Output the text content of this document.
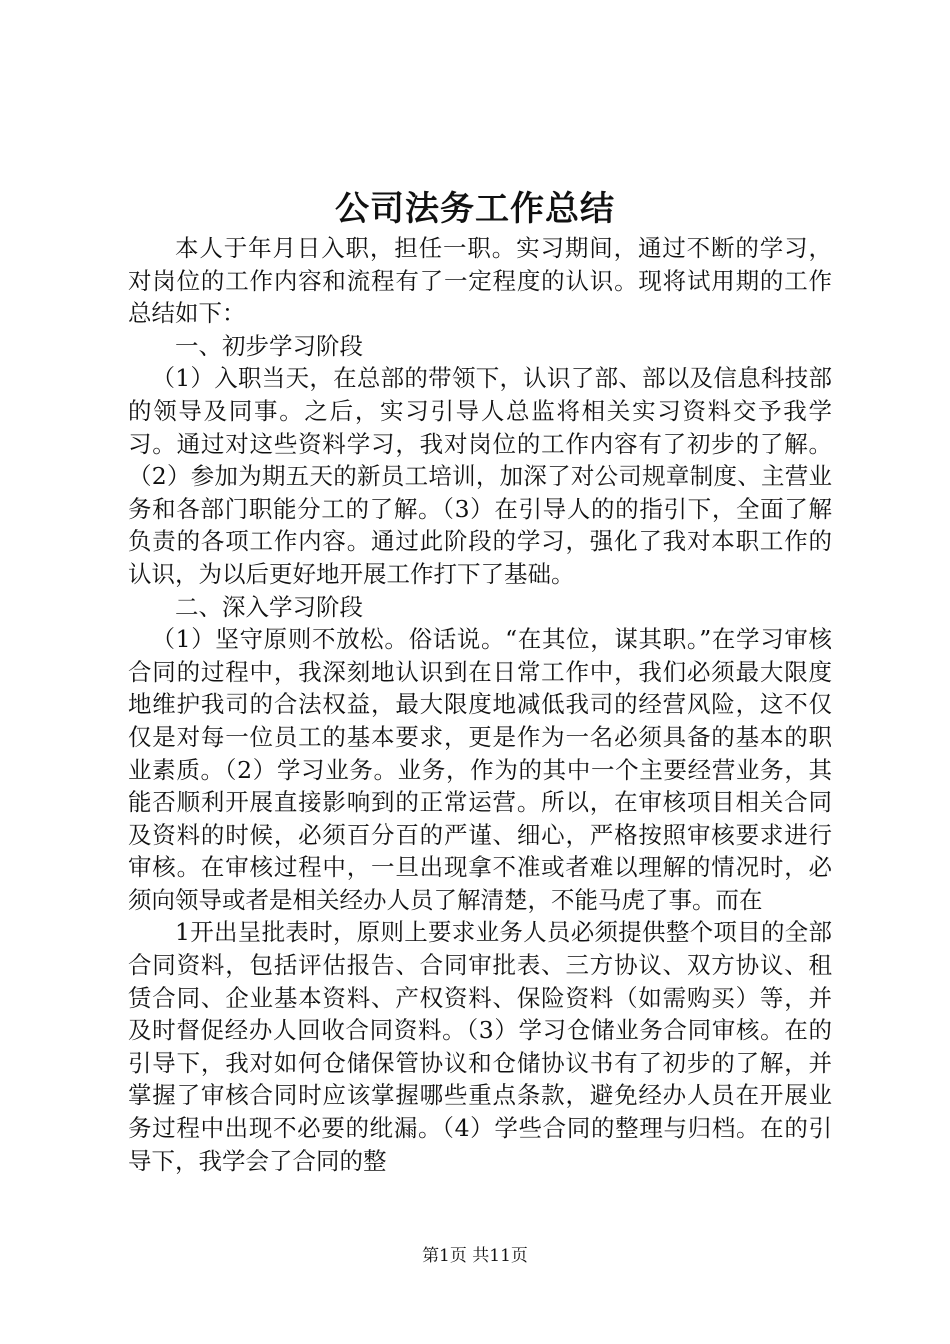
公司法务工作总结

本人于年月日入职，担任一职。实习期间，通过不断的学习，对岗位的工作内容和流程有了一定程度的认识。现将试用期的工作总结如下：

一、初步学习阶段

（1）入职当天，在总部的带领下，认识了部、部以及信息科技部的领导及同事。之后，实习引导人总监将相关实习资料交予我学习。通过对这些资料学习，我对岗位的工作内容有了初步的了解。（2）参加为期五天的新员工培训，加深了对公司规章制度、主营业务和各部门职能分工的了解。（3）在引导人的的指引下，全面了解负责的各项工作内容。通过此阶段的学习，强化了我对本职工作的认识，为以后更好地开展工作打下了基础。

二、深入学习阶段

（1）坚守原则不放松。俗话说。“在其位，谋其职。”在学习审核合同的过程中，我深刻地认识到在日常工作中，我们必须最大限度地维护我司的合法权益，最大限度地减低我司的经营风险，这不仅仅是对每一位员工的基本要求，更是作为一名必须具备的基本的职业素质。（2）学习业务。业务，作为的其中一个主要经营业务，其能否顺利开展直接影响到的正常运营。所以，在审核项目相关合同及资料的时候，必须百分百的严谨、细心，严格按照审核要求进行审核。在审核过程中，一旦出现拿不准或者难以理解的情况时，必须向领导或者是相关经办人员了解清楚，不能马虎了事。而在

1开出呈批表时，原则上要求业务人员必须提供整个项目的全部合同资料，包括评估报告、合同审批表、三方协议、双方协议、租赁合同、企业基本资料、产权资料、保险资料（如需购买）等，并及时督促经办人回收合同资料。（3）学习仓储业务合同审核。在的引导下，我对如何仓储保管协议和仓储协议书有了初步的了解，并掌握了审核合同时应该掌握哪些重点条款，避免经办人员在开展业务过程中出现不必要的纰漏。（4）学些合同的整理与归档。在的引导下，我学会了合同的整

第1页 共11页
